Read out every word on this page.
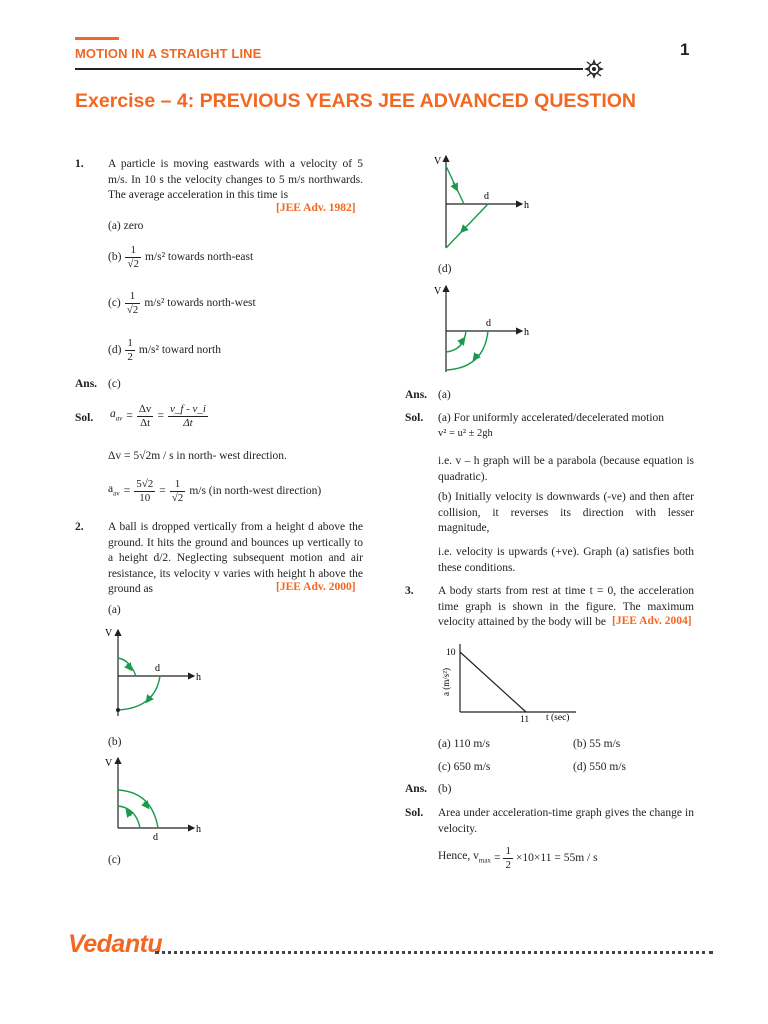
MOTION IN A STRAIGHT LINE	1
Exercise – 4: PREVIOUS YEARS JEE ADVANCED QUESTION
1. A particle is moving eastwards with a velocity of 5 m/s. In 10 s the velocity changes to 5 m/s northwards. The average acceleration in this time is
[JEE Adv. 1982]
(a) zero
$(b) \frac{1}{√2} m/s^2$ towards north-east
$(c) \frac{1}{√2} m/s^2$ towards north-west
$(d) \frac{1}{2} m/s^2$ toward north
Ans. (c)
Sol. $a_{av} = \frac{\Delta v}{\Delta t} = \frac{v\_f - v\_i}{\Delta t}$
Δv = 5√2m / s in north- west direction.
$a_{av} = \frac{5√2}{10} = \frac{1}{√2} m/s$ (in north-west direction)
2. A ball is dropped vertically from a height d above the ground. It hits the ground and bounces up vertically to a height d/2. Neglecting subsequent motion and air resistance, its velocity v varies with height h above the ground as	[JEE Adv. 2000]
(a)
V
h
d
(b)
V
h
d
(c)
V
h
d
(d)
V
h
d
Ans. (a)
Sol. (a) For uniformly accelerated/decelerated motion
v² = u² ± 2gh
i.e. v – h graph will be a parabola (because equation is quadratic).
(b) Initially velocity is downwards (-ve) and then after collision, it reverses its direction with lesser magnitude,
i.e. velocity is upwards (+ve). Graph (a) satisfies both these conditions.
3. A body starts from rest at time t = 0, the acceleration time graph is shown in the figure. The maximum velocity attained by the body will be [JEE Adv. 2004]
10
11 t (sec)
a (m/s²)
(a) 110 m/s	(b) 55 m/s
(c) 650 m/s	(d) 550 m/s
Ans. (b)
Sol. Area under acceleration-time graph gives the change in velocity.
Hence, $v_{max} = \frac{1}{2} \times 10\times 11 = 55m / s$
Vedantu
